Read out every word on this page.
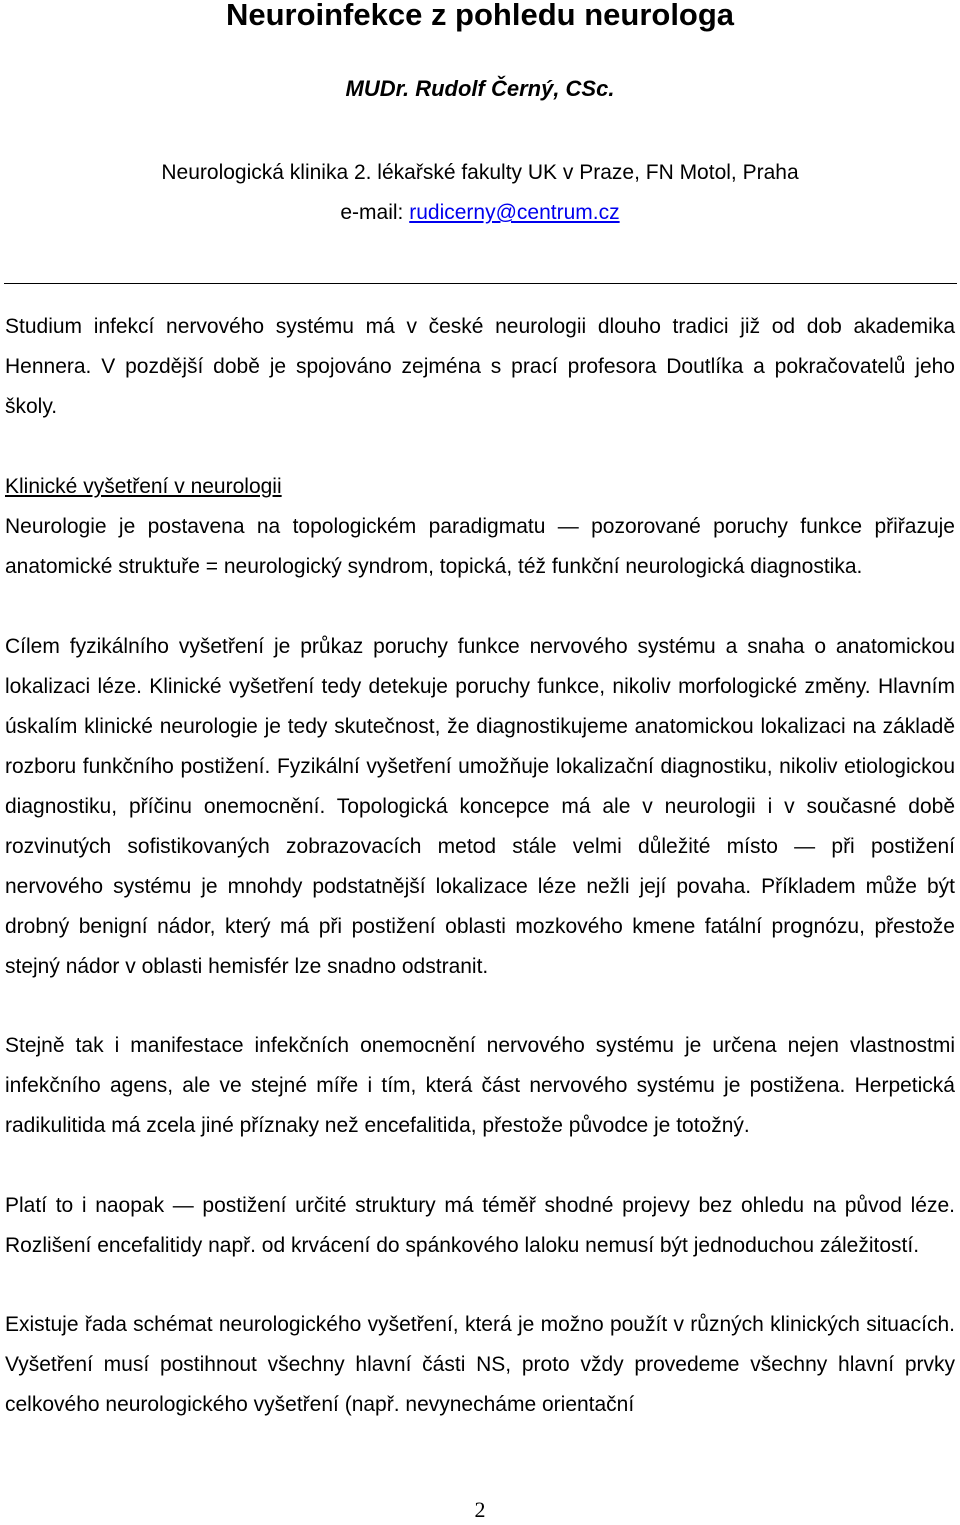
Neuroinfekce z pohledu neurologa
MUDr. Rudolf Černý, CSc.
Neurologická klinika 2. lékařské fakulty UK v Praze, FN Motol, Praha
e-mail: rudicerny@centrum.cz

Studium infekcí nervového systému má v české neurologii dlouho tradici již od dob akademika Hennera. V pozdější době je spojováno zejména s prací profesora Doutlíka a pokračovatelů jeho školy.

Klinické vyšetření v neurologii

Neurologie je postavena na topologickém paradigmatu — pozorované poruchy funkce přiřazuje anatomické struktuře = neurologický syndrom, topická, též funkční neurologická diagnostika.

Cílem fyzikálního vyšetření je průkaz poruchy funkce nervového systému a snaha o anatomickou lokalizaci léze. Klinické vyšetření tedy detekuje poruchy funkce, nikoliv morfologické změny. Hlavním úskalím klinické neurologie je tedy skutečnost, že diagnostikujeme anatomickou lokalizaci na základě rozboru funkčního postižení. Fyzikální vyšetření umožňuje lokalizační diagnostiku, nikoliv etiologickou diagnostiku, příčinu onemocnění. Topologická koncepce má ale v neurologii i v současné době rozvinutých sofistikovaných zobrazovacích metod stále velmi důležité místo — při postižení nervového systému je mnohdy podstatnější lokalizace léze nežli její povaha. Příkladem může být drobný benigní nádor, který má při postižení oblasti mozkového kmene fatální prognózu, přestože stejný nádor v oblasti hemisfér lze snadno odstranit.

Stejně tak i manifestace infekčních onemocnění nervového systému je určena nejen vlastnostmi infekčního agens, ale ve stejné míře i tím, která část nervového systému je postižena. Herpetická radikulitida má zcela jiné příznaky než encefalitida, přestože původce je totožný.

Platí to i naopak — postižení určité struktury má téměř shodné projevy bez ohledu na původ léze. Rozlišení encefalitidy např. od krvácení do spánkového laloku nemusí být jednoduchou záležitostí.

Existuje řada schémat neurologického vyšetření, která je možno použít v různých klinických situacích. Vyšetření musí postihnout všechny hlavní části NS, proto vždy provedeme všechny hlavní prvky celkového neurologického vyšetření (např. nevynecháme orientační

2
